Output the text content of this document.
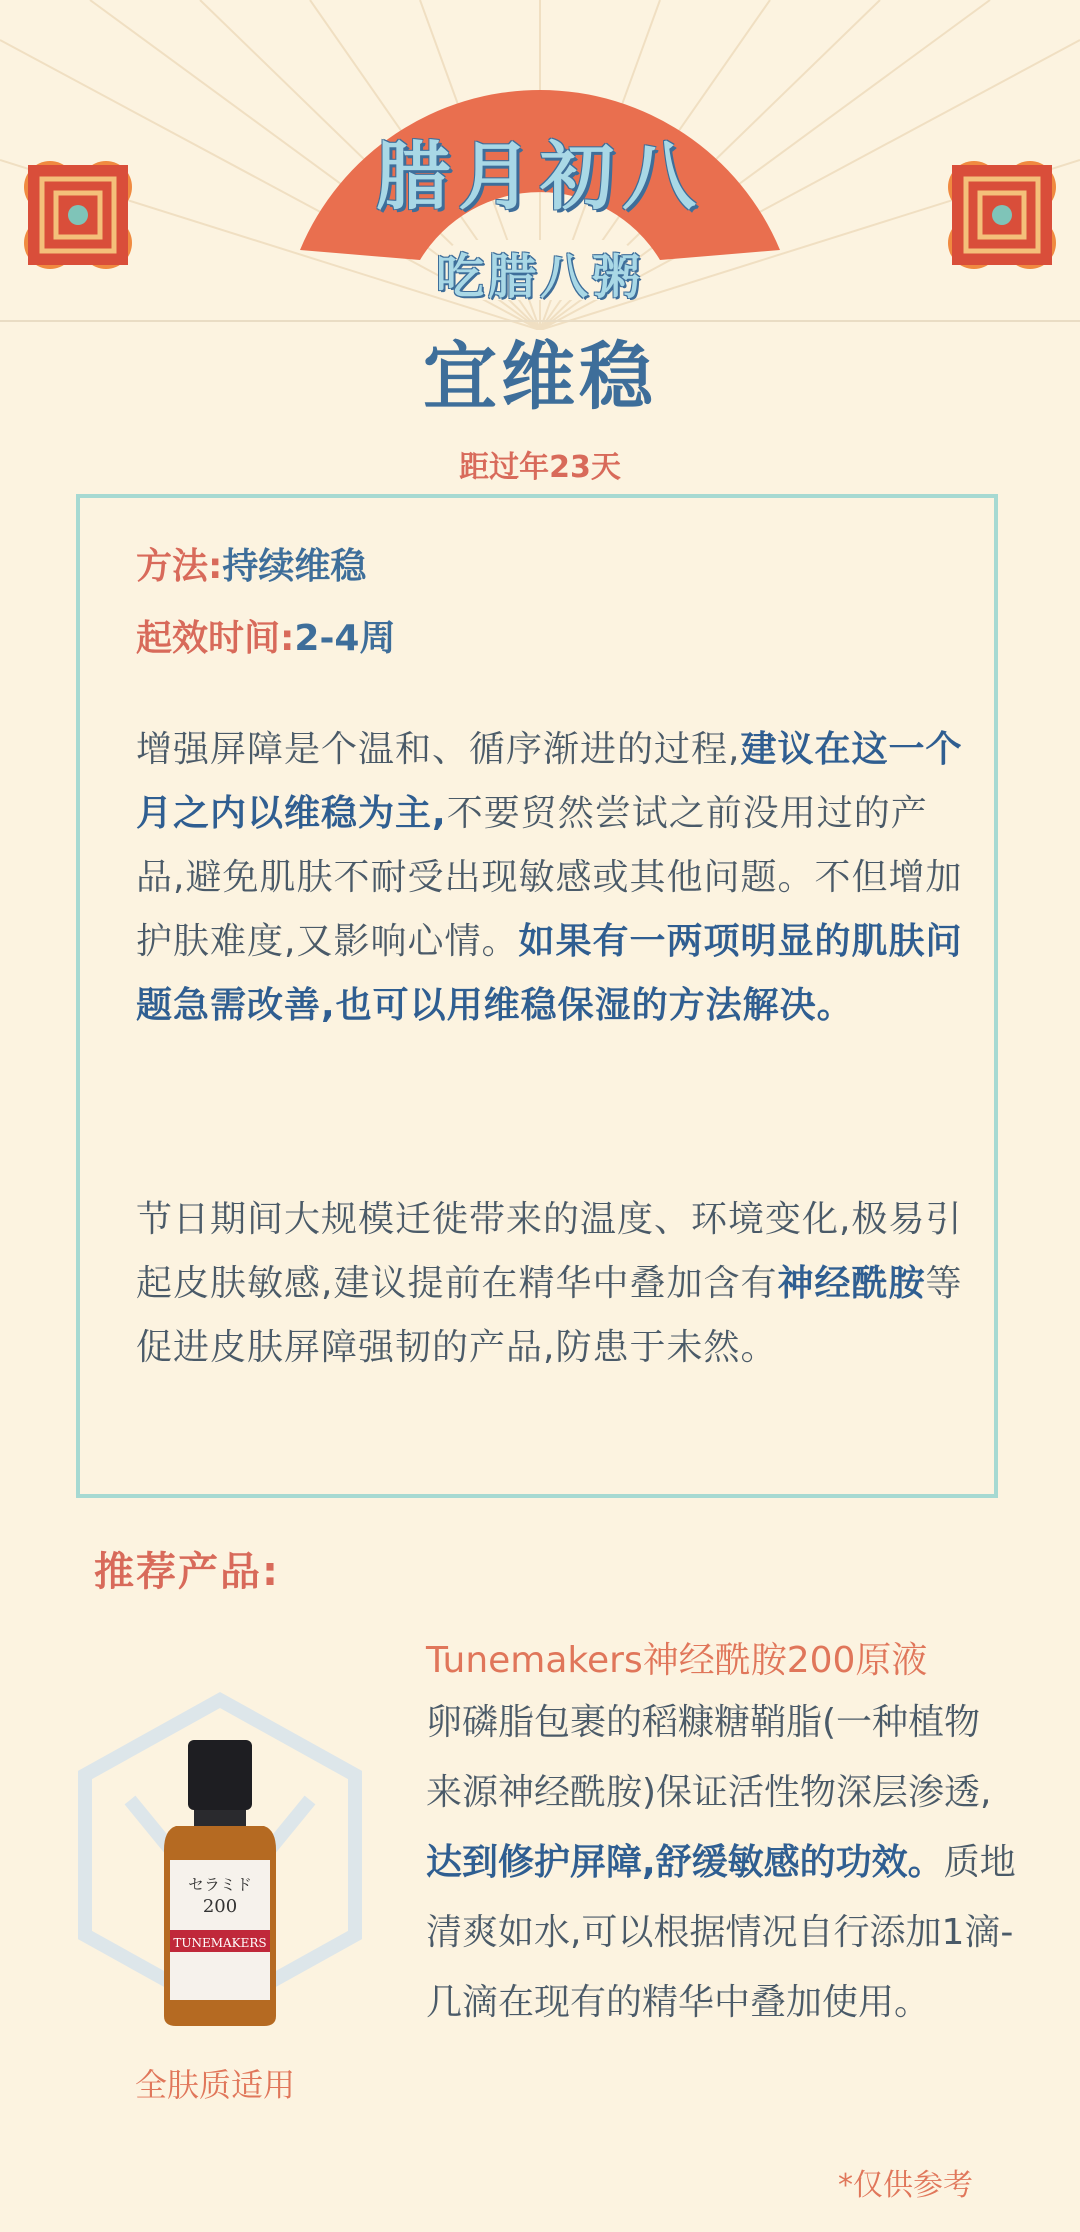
腊月初八
吃腊八粥
宜维稳
距过年23天
方法:持续维稳
起效时间:2-4周
增强屏障是个温和、循序渐进的过程,建议在这一个月之内以维稳为主,不要贸然尝试之前没用过的产品,避免肌肤不耐受出现敏感或其他问题。不但增加护肤难度,又影响心情。如果有一两项明显的肌肤问题急需改善,也可以用维稳保湿的方法解决。
节日期间大规模迁徙带来的温度、环境变化,极易引起皮肤敏感,建议提前在精华中叠加含有神经酰胺等促进皮肤屏障强韧的产品,防患于未然。
推荐产品:
セラミド
200
TUNEMAKERS
Tunemakers神经酰胺200原液
卵磷脂包裹的稻糠糖鞘脂(一种植物来源神经酰胺)保证活性物深层渗透,达到修护屏障,舒缓敏感的功效。质地清爽如水,可以根据情况自行添加1滴-几滴在现有的精华中叠加使用。
全肤质适用
*仅供参考
